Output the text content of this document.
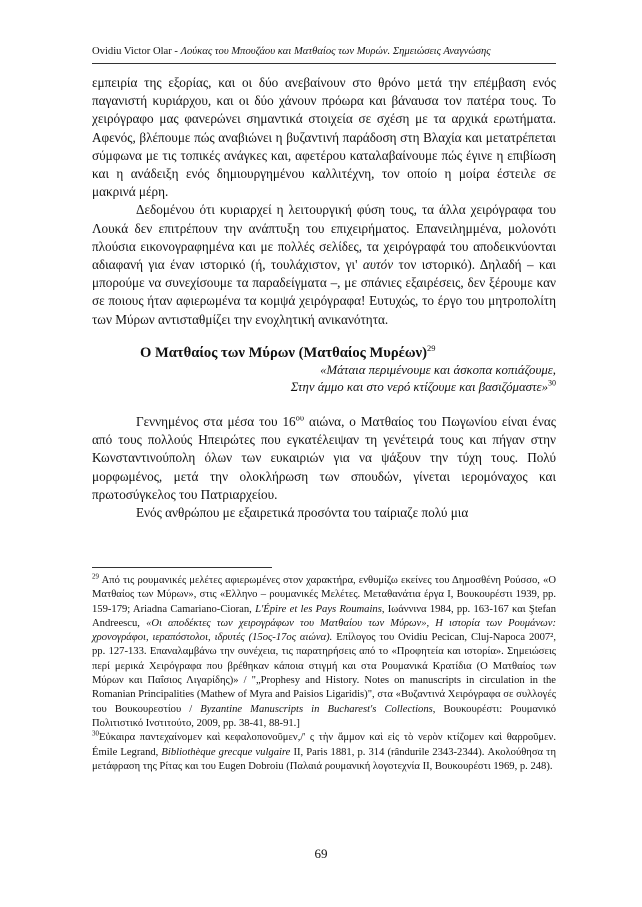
Ovidiu Victor Olar - Λούκας του Μπουζάου και Ματθαίος των Μυρών. Σημειώσεις Αναγνώσης

εμπειρία της εξορίας, και οι δύο ανεβαίνουν στο θρόνο μετά την επέμβαση ενός παγανιστή κυριάρχου, και οι δύο χάνουν πρόωρα και βάναυσα τον πατέρα τους. Το χειρόγραφο μας φανερώνει σημαντικά στοιχεία σε σχέση με τα αρχικά ερωτήματα. Αφενός, βλέπουμε πώς αναβιώνει η βυζαντινή παράδοση στη Βλαχία και μετατρέπεται σύμφωνα με τις τοπικές ανάγκες και, αφετέρου καταλαβαίνουμε πώς έγινε η επιβίωση και η ανάδειξη ενός δημιουργημένου καλλιτέχνη, τον οποίο η μοίρα έστειλε σε μακρινά μέρη.

Δεδομένου ότι κυριαρχεί η λειτουργική φύση τους, τα άλλα χειρόγραφα του Λουκά δεν επιτρέπουν την ανάπτυξη του επιχειρήματος. Επανειλημμένα, μολονότι πλούσια εικονογραφημένα και με πολλές σελίδες, τα χειρόγραφά του αποδεικνύονται αδιαφανή για έναν ιστορικό (ή, τουλάχιστον, γι' αυτόν τον ιστορικό). Δηλαδή – και μπορούμε να συνεχίσουμε τα παραδείγματα –, με σπάνιες εξαιρέσεις, δεν ξέρουμε καν σε ποιους ήταν αφιερωμένα τα κομψά χειρόγραφα! Ευτυχώς, το έργο του μητροπολίτη των Μύρων αντισταθμίζει την ενοχλητική ανικανότητα.

Ο Ματθαίος των Μύρων (Ματθαίος Μυρέων)$^{29}$

«Μάταια περιμένουμε και άσκοπα κοπιάζουμε,

Στην άμμο και στο νερό κτίζουμε και βασιζόμαστε»$^{30}$

Γεννημένος στα μέσα του $16^{o\upsilon}$ αιώνα, ο Ματθαίος του Πωγωνίου είναι ένας από τους πολλούς Ηπειρώτες που εγκατέλειψαν τη γενέτειρά τους και πήγαν στην Κωνσταντινούπολη όλων των ευκαιριών για να ψάξουν την τύχη τους. Πολύ μορφωμένος, μετά την ολοκλήρωση των σπουδών, γίνεται ιερομόναχος και πρωτοσύγκελος του Πατριαρχείου.

Ενός ανθρώπου με εξαιρετικά προσόντα του ταίριαζε πολύ μια

$^{29}$ Από τις ρουμανικές μελέτες αφιερωμένες στον χαρακτήρα, ενθυμίζω εκείνες του Δημοσθένη Ρούσσο, «Ο Ματθαίος των Μύρων», στις «Ελληνο – ρουμανικές Μελέτες. Μεταθανάτια έργα Ι, Βουκουρέστι 1939, pp. 159-179; Ariadna Camariano-Cioran, L'Épire et les Pays Roumains, Ιωάννινα 1984, pp. 163-167 και Ştefan Andreescu, «Οι αποδέκτες των χειρογράφων του Ματθαίου των Μύρων», Η ιστορία των Ρουμάνων: χρονογράφοι, ιεραπόστολοι, ιδρυτές (15ος-17ος αιώνα). Επίλογος του Ovidiu Pecican, Cluj-Napoca 2007², pp. 127-133. Επαναλαμβάνω την συνέχεια, τις παρατηρήσεις από το «Προφητεία και ιστορία». Σημειώσεις περί μερικά Χειρόγραφα που βρέθηκαν κάποια στιγμή και στα Ρουμανικά Κρατίδια (Ο Ματθαίος των Μύρων και Παΐσιος Λιγαρίδης)» / "„Prophesy and History. Notes on manuscripts in circulation in the Romanian Principalities (Mathew of Myra and Paisios Ligaridis)", στα «Βυζαντινά Χειρόγραφα σε συλλογές του Βουκουρεστίου / Byzantine Manuscripts in Bucharest's Collections, Βουκουρέστι: Ρουμανικό Πολιτιστικό Ινστιτούτο, 2009, pp. 38-41, 88-91.]

$^{30}$Εὐκαιρα παντεχαίνομεν καὶ κεφαλοπονοῦμεν,/' ς τὴν ἄμμον καὶ εἰς τὸ νερὸν κτίζομεν καὶ θαρροῦμεν. Émile Legrand, Bibliothèque grecque vulgaire II, Paris 1881, p. 314 (rândurile 2343-2344). Ακολούθησα τη μετάφραση της Ρίτας και του Eugen Dobroiu (Παλαιά ρουμανική λογοτεχνία ΙΙ, Βουκουρέστι 1969, p. 248).

69
